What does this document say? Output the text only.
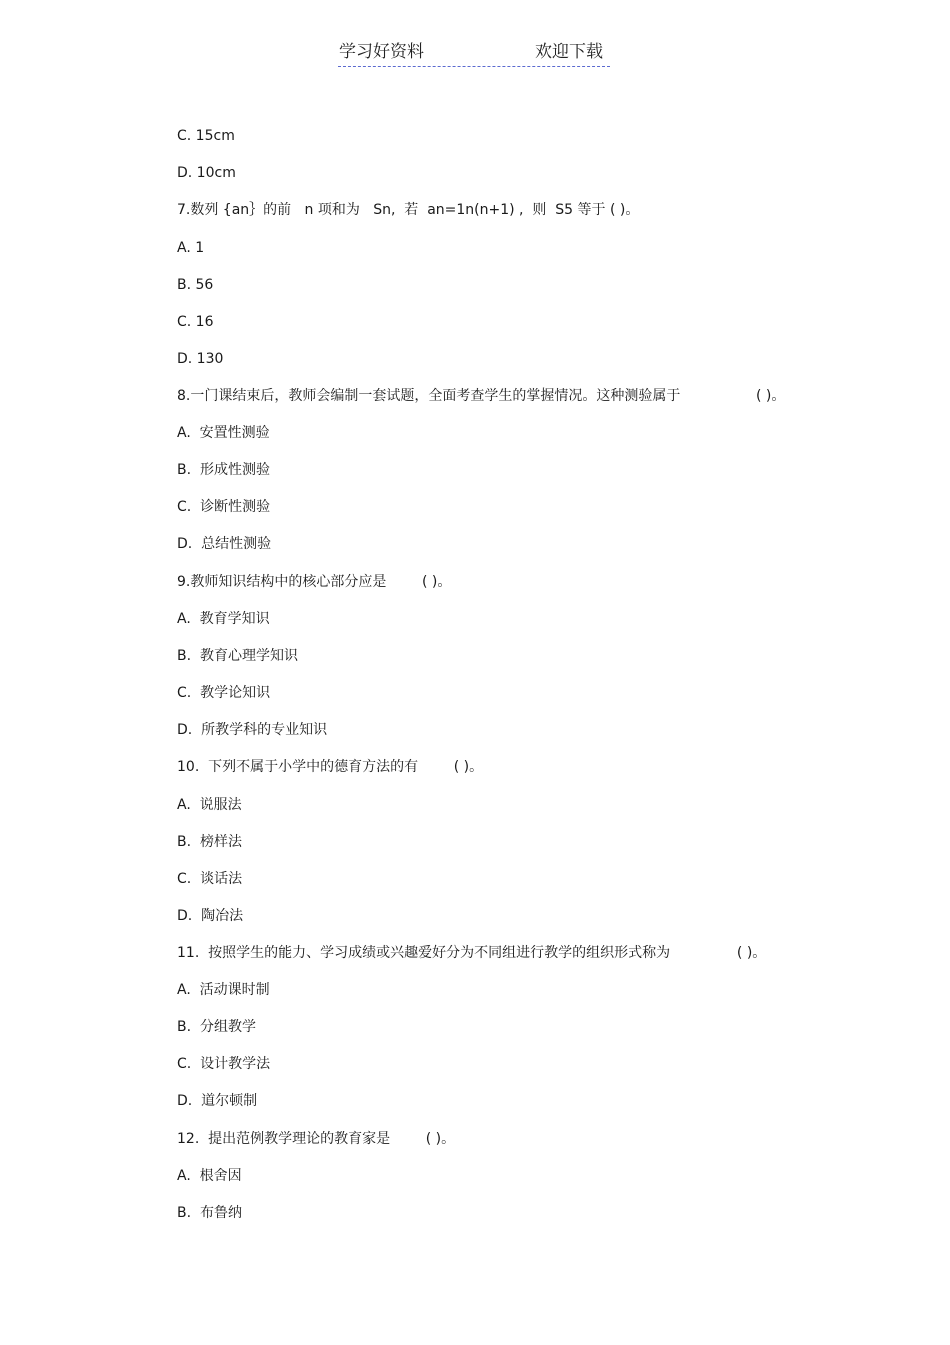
学习好资料	欢迎下载
C. 15cm
D. 10cm
7.数列 {an｝的前   n 项和为   Sn,  若  an=1n(n+1) ,  则  S5 等于 ( )。
A. 1
B. 56
C. 16
D. 130
8.一门课结束后，教师会编制一套试题，全面考查学生的掌握情况。这种测验属于                 ( )。
A.  安置性测验
B.  形成性测验
C.  诊断性测验
D.  总结性测验
9.教师知识结构中的核心部分应是        ( )。
A.  教育学知识
B.  教育心理学知识
C.  教学论知识
D.  所教学科的专业知识
10.  下列不属于小学中的德育方法的有        ( )。
A.  说服法
B.  榜样法
C.  谈话法
D.  陶冶法
11.  按照学生的能力、学习成绩或兴趣爱好分为不同组进行教学的组织形式称为               ( )。
A.  活动课时制
B.  分组教学
C.  设计教学法
D.  道尔顿制
12.  提出范例教学理论的教育家是        ( )。
A.  根舍因
B.  布鲁纳
